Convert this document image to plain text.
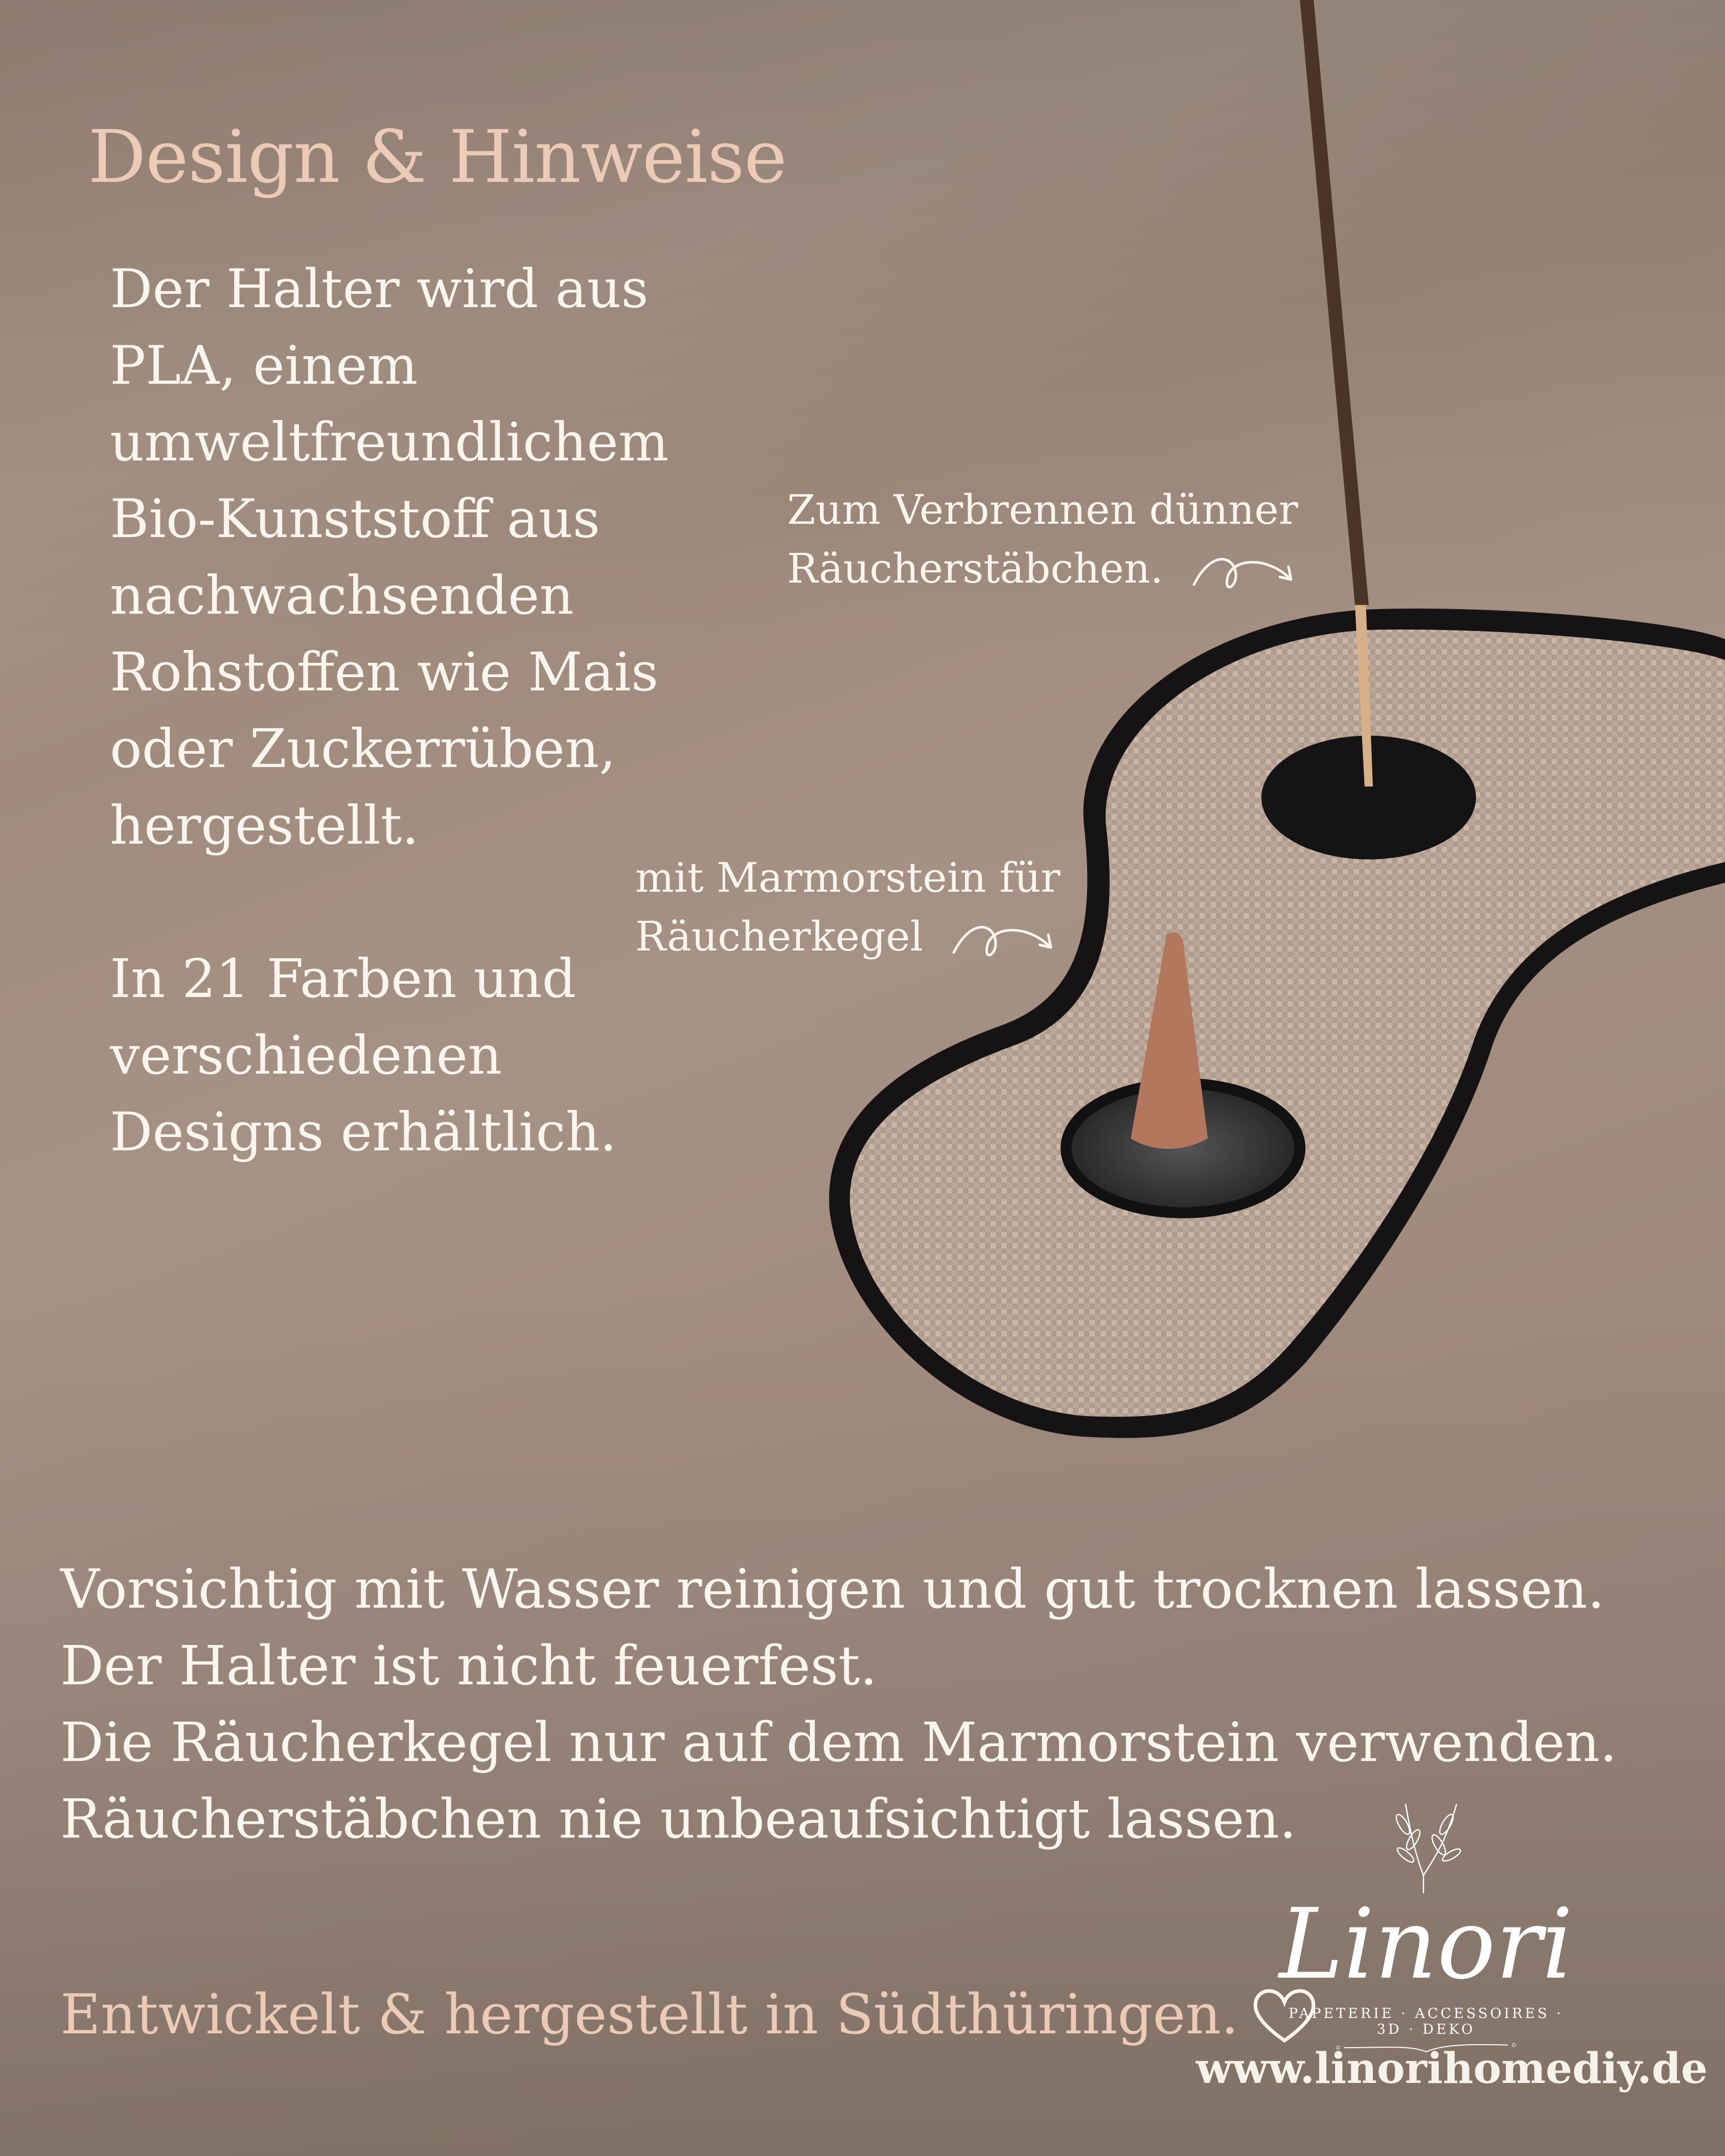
Design & Hinweise
Der Halter wird aus
PLA, einem
umweltfreundlichem
Bio-Kunststoff aus
nachwachsenden
Rohstoffen wie Mais
oder Zuckerrüben,
hergestellt.
In 21 Farben und
verschiedenen
Designs erhältlich.
Zum Verbrennen dünner
Räucherstäbchen.
mit Marmorstein für
Räucherkegel
Vorsichtig mit Wasser reinigen und gut trocknen lassen.
Der Halter ist nicht feuerfest.
Die Räucherkegel nur auf dem Marmorstein verwenden.
Räucherstäbchen nie unbeaufsichtigt lassen.
Entwickelt & hergestellt in Südthüringen.
Linori
PAPETERIE · ACCESSOIRES · 3D · DEKO
www.linorihomediy.de
